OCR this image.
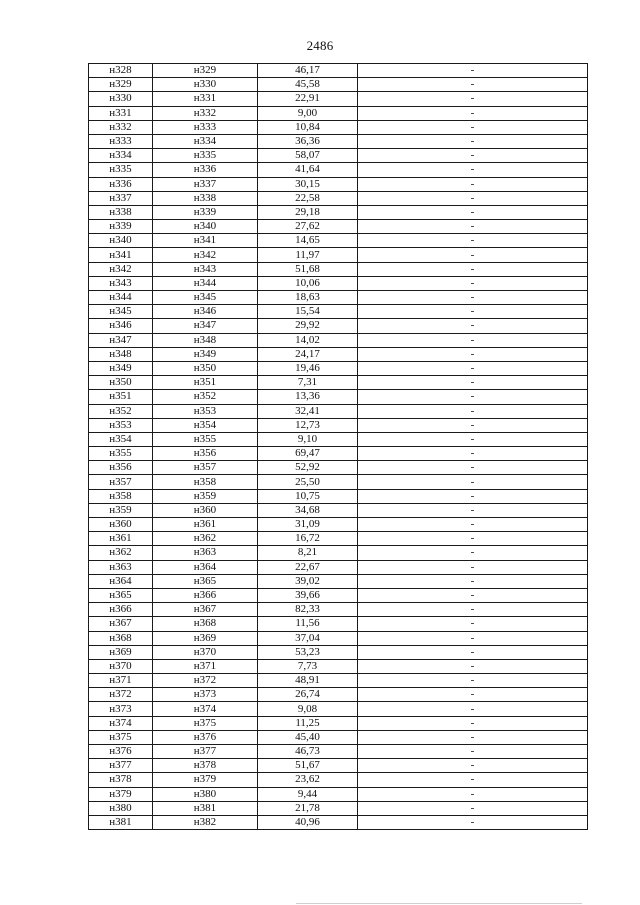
2486
н328	н329	46,17	-
н329	н330	45,58	-
н330	н331	22,91	-
н331	н332	9,00	-
н332	н333	10,84	-
н333	н334	36,36	-
н334	н335	58,07	-
н335	н336	41,64	-
н336	н337	30,15	-
н337	н338	22,58	-
н338	н339	29,18	-
н339	н340	27,62	-
н340	н341	14,65	-
н341	н342	11,97	-
н342	н343	51,68	-
н343	н344	10,06	-
н344	н345	18,63	-
н345	н346	15,54	-
н346	н347	29,92	-
н347	н348	14,02	-
н348	н349	24,17	-
н349	н350	19,46	-
н350	н351	7,31	-
н351	н352	13,36	-
н352	н353	32,41	-
н353	н354	12,73	-
н354	н355	9,10	-
н355	н356	69,47	-
н356	н357	52,92	-
н357	н358	25,50	-
н358	н359	10,75	-
н359	н360	34,68	-
н360	н361	31,09	-
н361	н362	16,72	-
н362	н363	8,21	-
н363	н364	22,67	-
н364	н365	39,02	-
н365	н366	39,66	-
н366	н367	82,33	-
н367	н368	11,56	-
н368	н369	37,04	-
н369	н370	53,23	-
н370	н371	7,73	-
н371	н372	48,91	-
н372	н373	26,74	-
н373	н374	9,08	-
н374	н375	11,25	-
н375	н376	45,40	-
н376	н377	46,73	-
н377	н378	51,67	-
н378	н379	23,62	-
н379	н380	9,44	-
н380	н381	21,78	-
н381	н382	40,96	-
